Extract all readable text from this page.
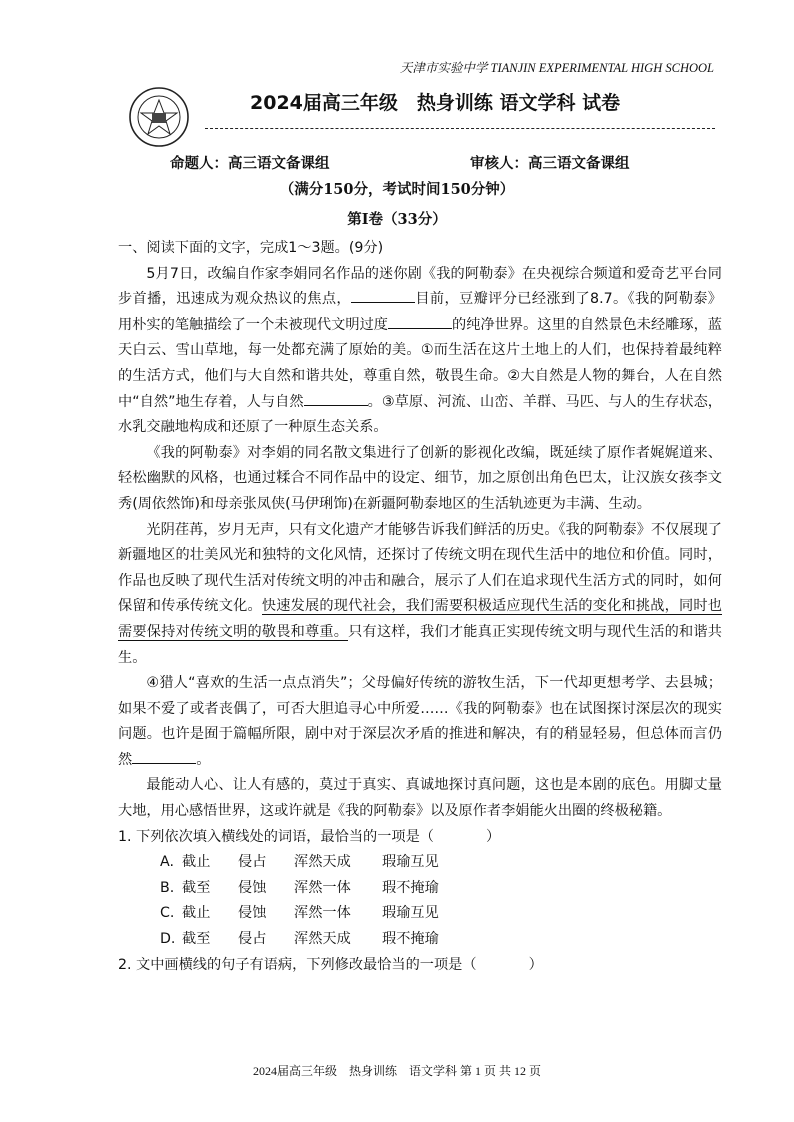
天津市实验中学 TIANJIN EXPERIMENTAL HIGH SCHOOL
2024届高三年级　热身训练 语文学科 试卷
命题人：高三语文备课组	审核人：高三语文备课组
（满分150分，考试时间150分钟）
第Ⅰ卷（33分）

一、阅读下面的文字，完成1～3题。(9分)

5月7日，改编自作家李娟同名作品的迷你剧《我的阿勒泰》在央视综合频道和爱奇艺平台同步首播，迅速成为观众热议的焦点，	目前，豆瓣评分已经涨到了8.7。《我的阿勒泰》用朴实的笔触描绘了一个未被现代文明过度	的纯净世界。这里的自然景色未经雕琢，蓝天白云、雪山草地，每一处都充满了原始的美。①而生活在这片土地上的人们，也保持着最纯粹的生活方式，他们与大自然和谐共处，尊重自然，敬畏生命。②大自然是人物的舞台，人在自然中“自然”地生存着，人与自然	。③草原、河流、山峦、羊群、马匹、与人的生存状态，水乳交融地构成和还原了一种原生态关系。

《我的阿勒泰》对李娟的同名散文集进行了创新的影视化改编，既延续了原作者娓娓道来、轻松幽默的风格，也通过糅合不同作品中的设定、细节，加之原创出角色巴太，让汉族女孩李文秀(周依然饰)和母亲张凤侠(马伊琍饰)在新疆阿勒泰地区的生活轨迹更为丰满、生动。

光阴荏苒，岁月无声，只有文化遗产才能够告诉我们鲜活的历史。《我的阿勒泰》不仅展现了新疆地区的壮美风光和独特的文化风情，还探讨了传统文明在现代生活中的地位和价值。同时，作品也反映了现代生活对传统文明的冲击和融合，展示了人们在追求现代生活方式的同时，如何保留和传承传统文化。快速发展的现代社会，我们需要积极适应现代生活的变化和挑战，同时也需要保持对传统文明的敬畏和尊重。只有这样，我们才能真正实现传统文明与现代生活的和谐共生。

④猎人“喜欢的生活一点点消失”；父母偏好传统的游牧生活，下一代却更想考学、去县城；如果不爱了或者丧偶了，可否大胆追寻心中所爱……《我的阿勒泰》也在试图探讨深层次的现实问题。也许是囿于篇幅所限，剧中对于深层次矛盾的推进和解决，有的稍显轻易，但总体而言仍然	。

最能动人心、让人有感的，莫过于真实、真诚地探讨真问题，这也是本剧的底色。用脚丈量大地，用心感悟世界，这或许就是《我的阿勒泰》以及原作者李娟能火出圈的终极秘籍。

1. 下列依次填入横线处的词语，最恰当的一项是（	）

A. 截止 侵占 浑然天成 瑕瑜互见

B. 截至 侵蚀 浑然一体 瑕不掩瑜

C. 截止 侵蚀 浑然一体 瑕瑜互见

D. 截至 侵占 浑然天成 瑕不掩瑜

2. 文中画横线的句子有语病，下列修改最恰当的一项是（	）

2024届高三年级　热身训练　语文学科 第 1 页 共 12 页
